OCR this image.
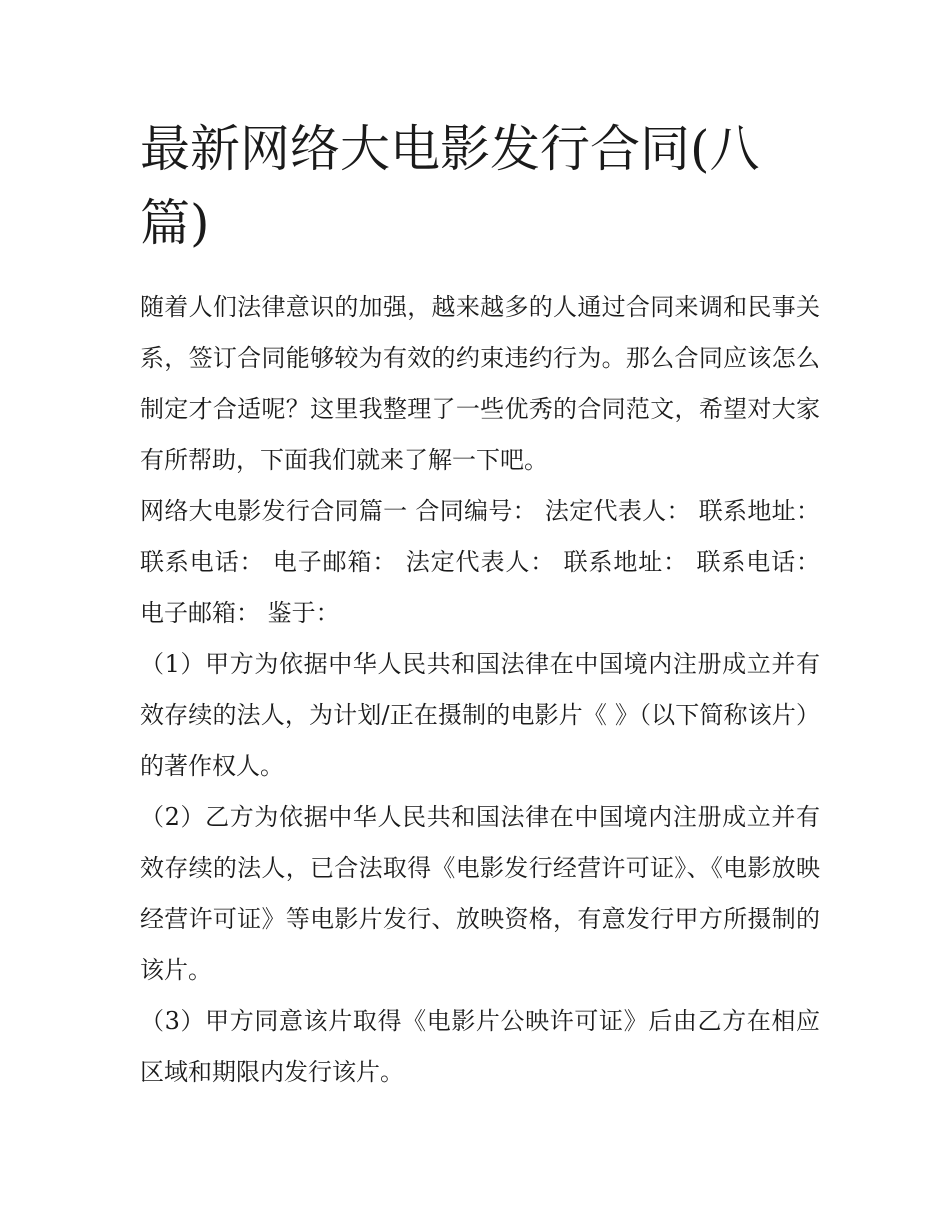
最新网络大电影发行合同(八篇)

随着人们法律意识的加强，越来越多的人通过合同来调和民事关系，签订合同能够较为有效的约束违约行为。那么合同应该怎么制定才合适呢？这里我整理了一些优秀的合同范文，希望对大家有所帮助，下面我们就来了解一下吧。

网络大电影发行合同篇一 合同编号： 法定代表人： 联系地址： 联系电话： 电子邮箱： 法定代表人： 联系地址： 联系电话： 电子邮箱： 鉴于：

（1）甲方为依据中华人民共和国法律在中国境内注册成立并有效存续的法人，为计划/正在摄制的电影片《 》（以下简称该片）的著作权人。

（2）乙方为依据中华人民共和国法律在中国境内注册成立并有效存续的法人，已合法取得《电影发行经营许可证》、《电影放映经营许可证》等电影片发行、放映资格，有意发行甲方所摄制的该片。

（3）甲方同意该片取得《电影片公映许可证》后由乙方在相应区域和期限内发行该片。
